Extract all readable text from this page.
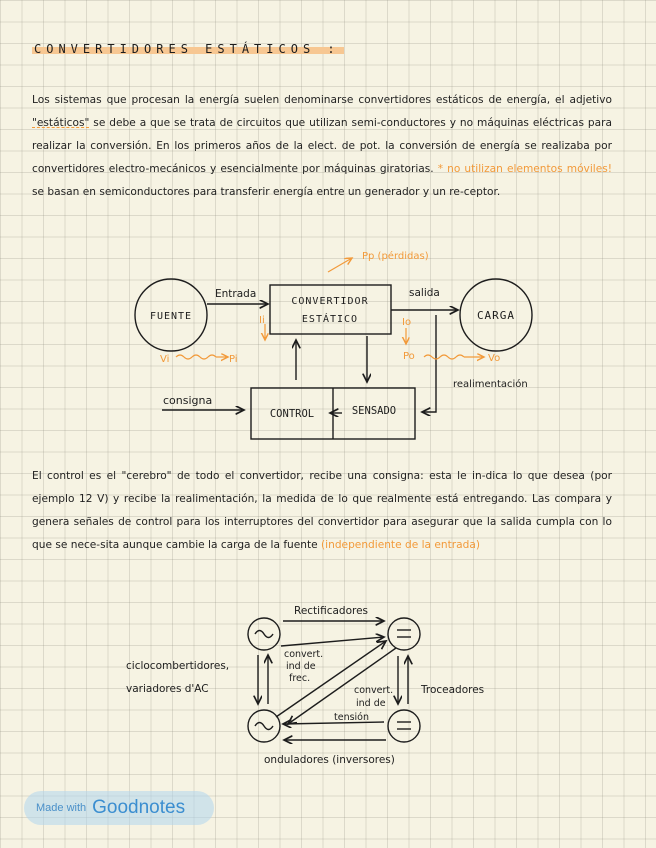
CONVERTIDORES ESTÁTICOS :
Los sistemas que procesan la energía suelen denominarse convertidores estáticos de energía, el adjetivo "estáticos" se debe a que se trata de circuitos que utilizan semi-conductores y no máquinas eléctricas para realizar la conversión. En los primeros años de la elect. de pot. la conversión de energía se realizaba por convertidores electro-mecánicos y esencialmente por máquinas giratorias. * no utilizan elementos móviles! se basan en semiconductores para transferir energía entre un generador y un re-ceptor.
FUENTE	CARGA
CONVERTIDOR
ESTÁTICO
CONTROL	SENSADO
Entrada	salida
consigna
realimentación
Pp (pérdidas)
Ii	Io
Vi	Pi	Po	Vo
Rectificadores
Troceadores
onduladores (inversores)
ciclocombertidores,
variadores d'AC
convert.
ind de
frec.
convert.
ind de
tensión
El control es el "cerebro" de todo el convertidor, recibe una consigna: esta le in-dica lo que desea (por ejemplo 12 V) y recibe la realimentación, la medida de lo que realmente está entregando. Las compara y genera señales de control para los interruptores del convertidor para asegurar que la salida cumpla con lo que se nece-sita aunque cambie la carga de la fuente (independiente de la entrada)
Made with Goodnotes
